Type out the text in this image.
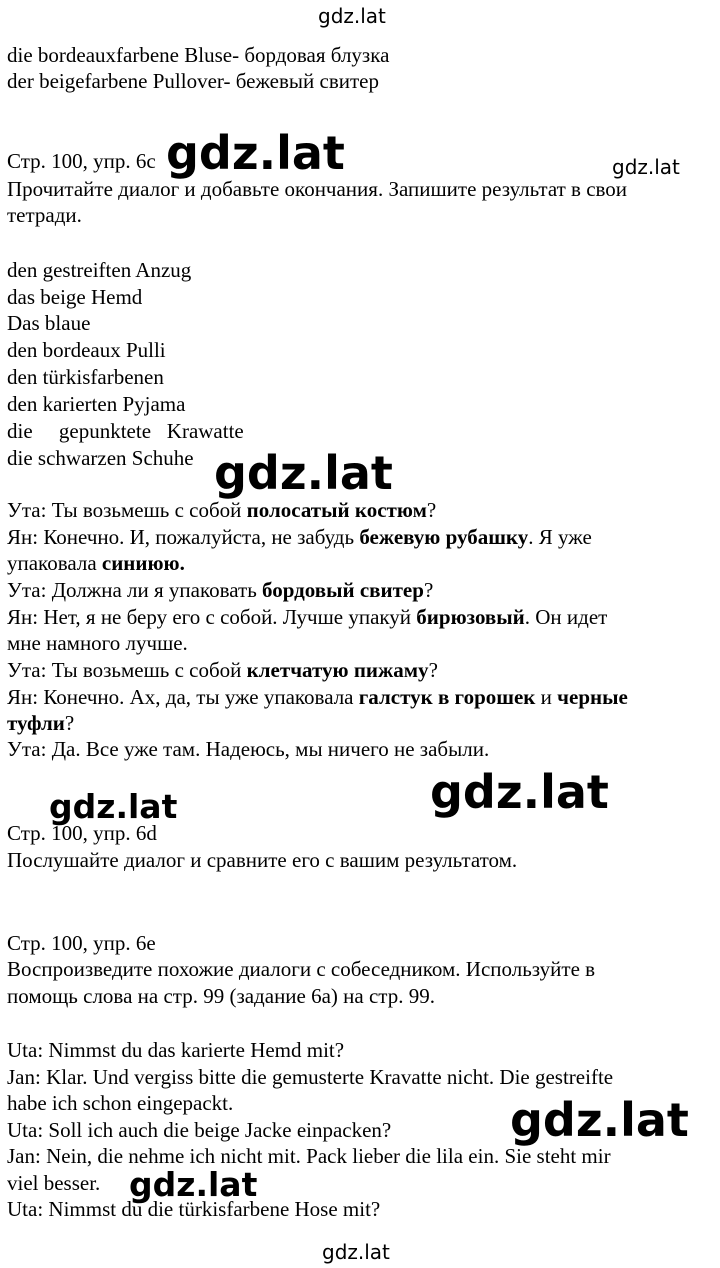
gdz.lat
gdz.lat	gdz.lat
gdz.lat
gdz.lat	gdz.lat
gdz.lat
gdz.lat
gdz.lat
die bordeauxfarbene Bluse- бордовая блузка
der beigefarbene Pullover- бежевый свитер
Стр. 100, упр. 6с
Прочитайте диалог и добавьте окончания. Запишите результат в свои
тетради.
den gestreiften Anzug
das beige Hemd
Das blaue
den bordeaux Pulli
den türkisfarbenen
den karierten Pyjama
die     gepunktete   Krawatte
die schwarzen Schuhe
Ута: Ты возьмешь с собой полосатый костюм?
Ян: Конечно. И, пожалуйста, не забудь бежевую рубашку. Я уже
упаковала синиюю.
Ута: Должна ли я упаковать бордовый свитер?
Ян: Нет, я не беру его с собой. Лучше упакуй бирюзовый. Он идет
мне намного лучше.
Ута: Ты возьмешь с собой клетчатую пижаму?
Ян: Конечно. Ах, да, ты уже упаковала галстук в горошек и черные
туфли?
Ута: Да. Все уже там. Надеюсь, мы ничего не забыли.
Стр. 100, упр. 6d
Послушайте диалог и сравните его с вашим результатом.
Стр. 100, упр. 6е
Воспроизведите похожие диалоги с собеседником. Используйте в
помощь слова на стр. 99 (задание 6а) на стр. 99.
Uta: Nimmst du das karierte Hemd mit?
Jan: Klar. Und vergiss bitte die gemusterte Kravatte nicht. Die gestreifte
habe ich schon eingepackt.
Uta: Soll ich auch die beige Jacke einpacken?
Jan: Nein, die nehme ich nicht mit. Pack lieber die lila ein. Sie steht mir
viel besser.
Uta: Nimmst du die türkisfarbene Hose mit?
